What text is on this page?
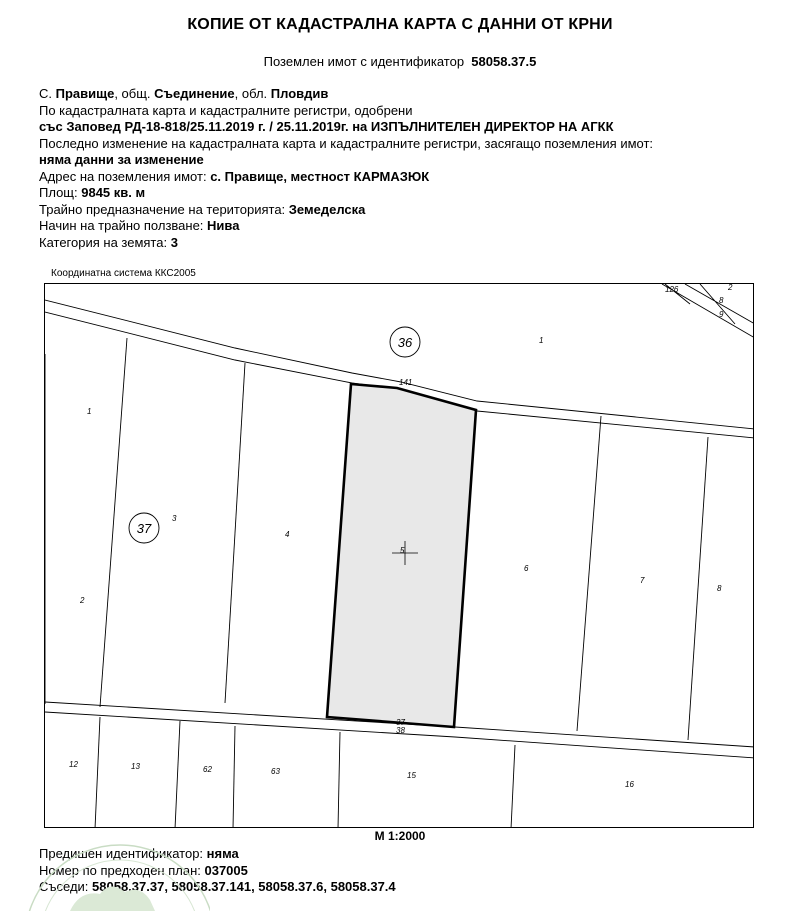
КОПИЕ ОТ КАДАСТРАЛНА КАРТА С ДАННИ ОТ КРНИ
Поземлен имот с идентификатор 58058.37.5
С. Правище, общ. Съединение, обл. Пловдив
По кадастралната карта и кадастралните регистри, одобрени
със Заповед РД-18-818/25.11.2019 г. / 25.11.2019г. на ИЗПЪЛНИТЕЛЕН ДИРЕКТОР НА АГКК
Последно изменение на кадастралната карта и кадастралните регистри, засягащо поземления имот:
няма данни за изменение
Адрес на поземления имот: с. Правище, местност КАРМАЗЮК
Площ: 9845 кв. м
Трайно предназначение на територията: Земеделска
Начин на трайно ползване: Нива
Категория на земята: 3
Координатна система ККС2005
36
37
1
141
126	2
8
9
1
3
2
4
5
6
7
8
37
38
12	13	62	63	15
16
М 1:2000
Предишен идентификатор: няма
Номер по предходен план: 037005
Съседи: 58058.37.37, 58058.37.141, 58058.37.6, 58058.37.4
